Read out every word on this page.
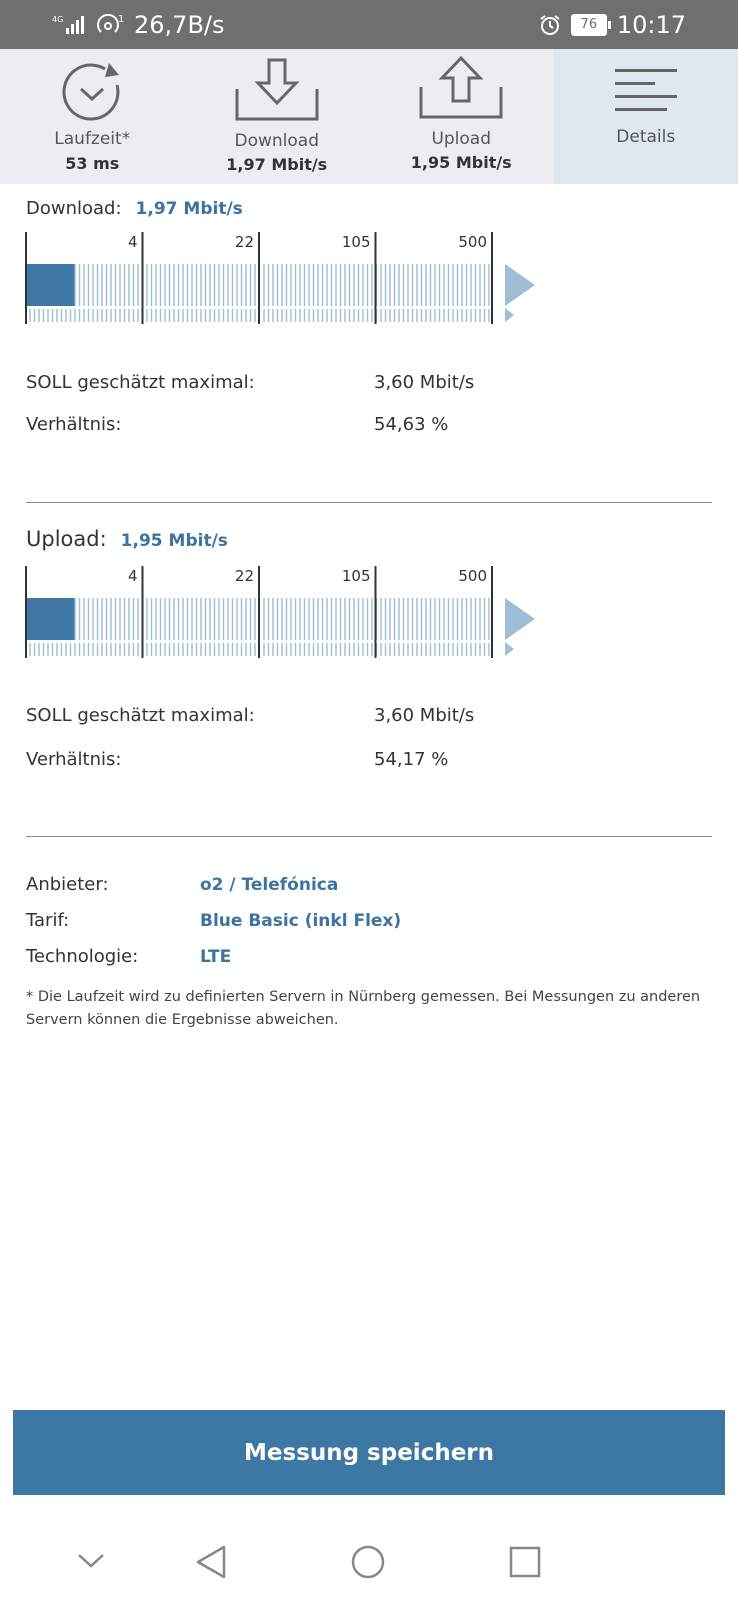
4G	1 26,7B/s	76 10:17
Laufzeit*
53 ms
Download
1,97 Mbit/s
Upload
1,95 Mbit/s
Details
Download: 1,97 Mbit/s
4	22	105	500
SOLL geschätzt maximal:	3,60 Mbit/s
Verhältnis:	54,63 %
Upload: 1,95 Mbit/s
4	22	105	500
SOLL geschätzt maximal:	3,60 Mbit/s
Verhältnis:	54,17 %
Anbieter:	o2 / Telefónica
Tarif:	Blue Basic (inkl Flex)
Technologie:	LTE
* Die Laufzeit wird zu definierten Servern in Nürnberg gemessen. Bei Messungen zu anderen Servern können die Ergebnisse abweichen.
Messung speichern
